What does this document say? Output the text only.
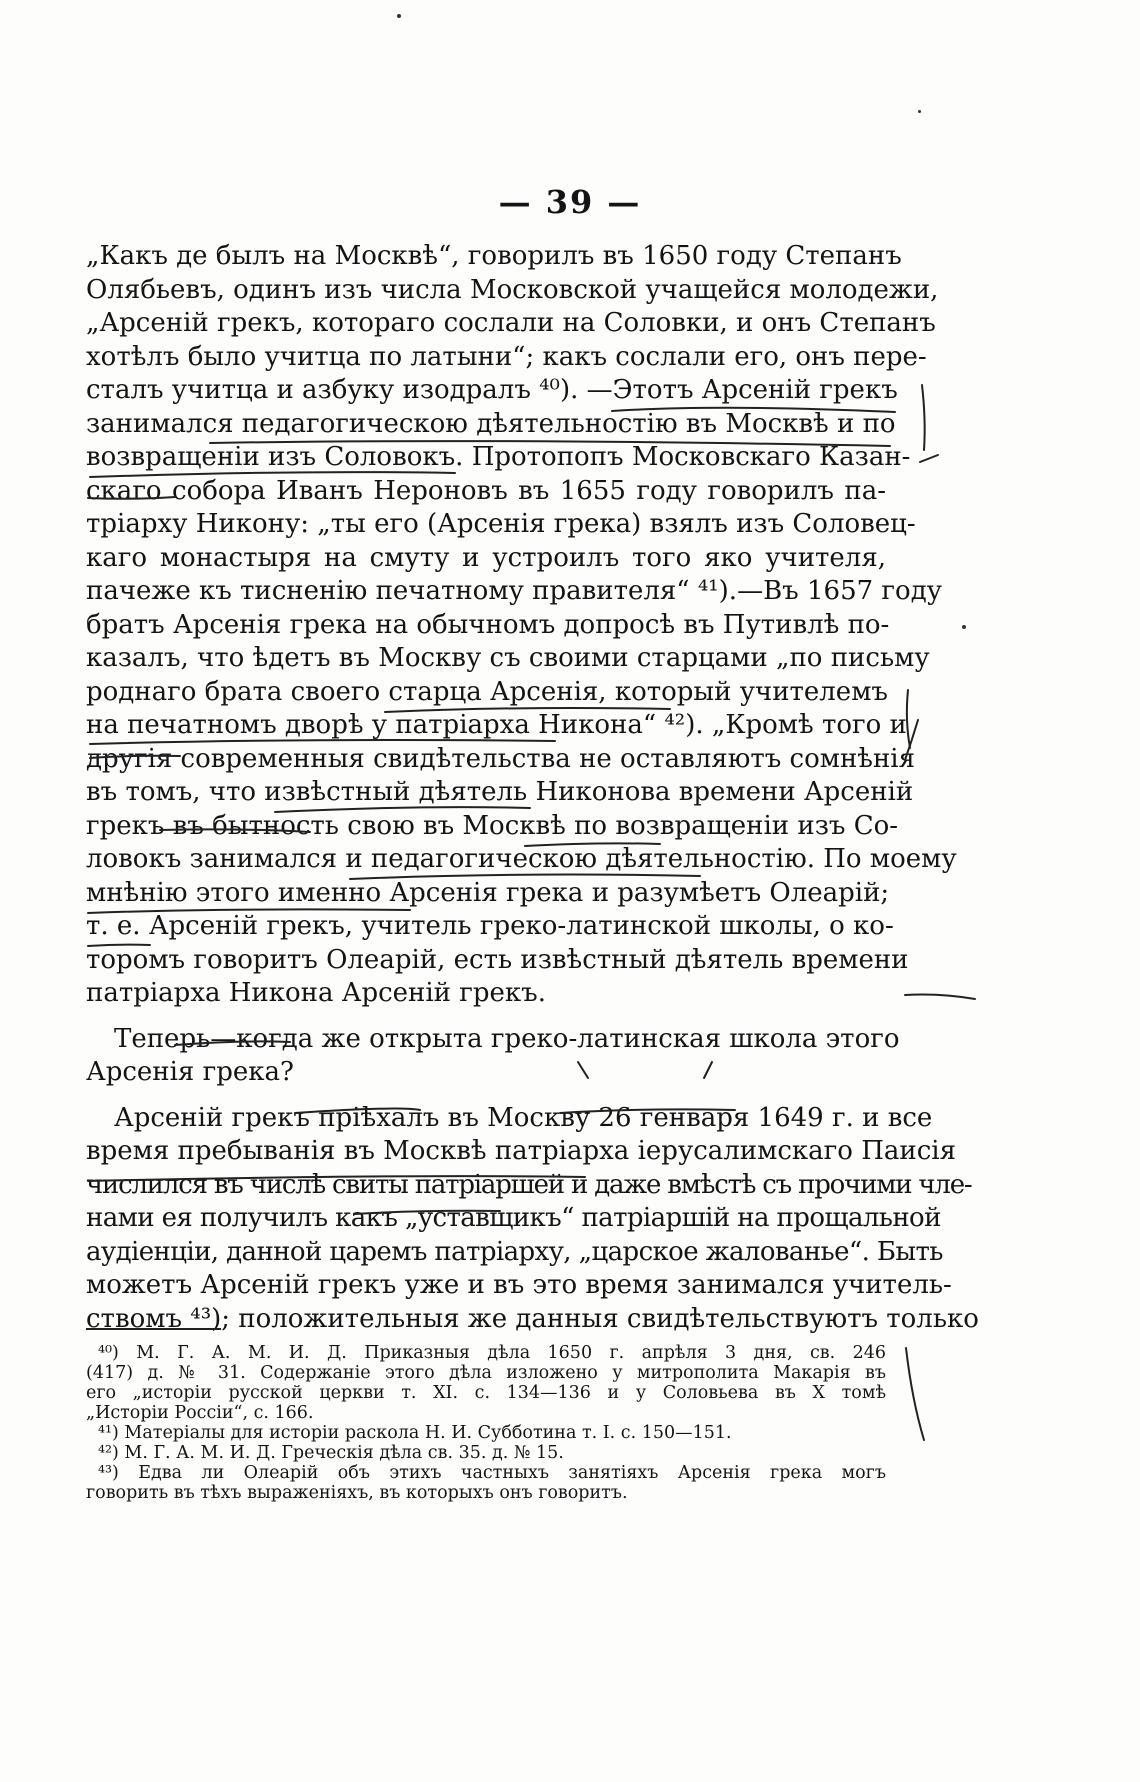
— 39 —
„Какъ де былъ на Москвѣ“, говорилъ въ 1650 году Степанъ
Олябьевъ, одинъ изъ числа Московской учащейся молодежи,
„Арсеній грекъ, котораго сослали на Соловки, и онъ Степанъ
хотѣлъ было учитца по латыни“; какъ сослали его, онъ пере-
сталъ учитца и азбуку изодралъ ⁴⁰). —Этотъ Арсеній грекъ
занимался педагогическою дѣятельностію въ Москвѣ и по
возвращеніи изъ Соловокъ. Протопопъ Московскаго Казан-
скаго собора Иванъ Нероновъ въ 1655 году говорилъ па-
тріарху Никону: „ты его (Арсенія грека) взялъ изъ Соловец-
каго монастыря на смуту и устроилъ того яко учителя,
пачеже къ тисненію печатному правителя“ ⁴¹).—Въ 1657 году
братъ Арсенія грека на обычномъ допросѣ въ Путивлѣ по-
казалъ, что ѣдетъ въ Москву съ своими старцами „по письму
роднаго брата своего старца Арсенія, который учителемъ
на печатномъ дворѣ у патріарха Никона“ ⁴²). „Кромѣ того и
другія современныя свидѣтельства не оставляютъ сомнѣнія
въ томъ, что извѣстный дѣятель Никонова времени Арсеній
грекъ въ бытность свою въ Москвѣ по возвращеніи изъ Со-
ловокъ занимался и педагогическою дѣятельностію. По моему
мнѣнію этого именно Арсенія грека и разумѣетъ Олеарій;
т. е. Арсеній грекъ, учитель греко-латинской школы, о ко-
торомъ говоритъ Олеарій, есть извѣстный дѣятель времени
патріарха Никона Арсеній грекъ.
Теперь—когда же открыта греко-латинская школа этого
Арсенія грека?
Арсеній грекъ пріѣхалъ въ Москву 26 генваря 1649 г. и все
время пребыванія въ Москвѣ патріарха іерусалимскаго Паисія
числился въ числѣ свиты патріаршей и даже вмѣстѣ съ прочими чле-
нами ея получилъ какъ „уставщикъ“ патріаршій на прощальной
аудіенціи, данной царемъ патріарху, „царское жалованье“. Быть
можетъ Арсеній грекъ уже и въ это время занимался учитель-
ствомъ ⁴³); положительныя же данныя свидѣтельствуютъ только
⁴⁰) М. Г. А. М. И. Д. Приказныя дѣла 1650 г. апрѣля 3 дня, св. 246
(417) д. № 31. Содержаніе этого дѣла изложено у митрополита Макарія въ
его „исторіи русской церкви т. XI. с. 134—136 и у Соловьева въ X томѣ
„Исторіи Россіи“, с. 166.
⁴¹) Матеріалы для исторіи раскола Н. И. Субботина т. I. с. 150—151.
⁴²) М. Г. А. М. И. Д. Греческія дѣла св. 35. д. № 15.
⁴³) Едва ли Олеарій объ этихъ частныхъ занятіяхъ Арсенія грека могъ
говорить въ тѣхъ выраженіяхъ, въ которыхъ онъ говоритъ.
